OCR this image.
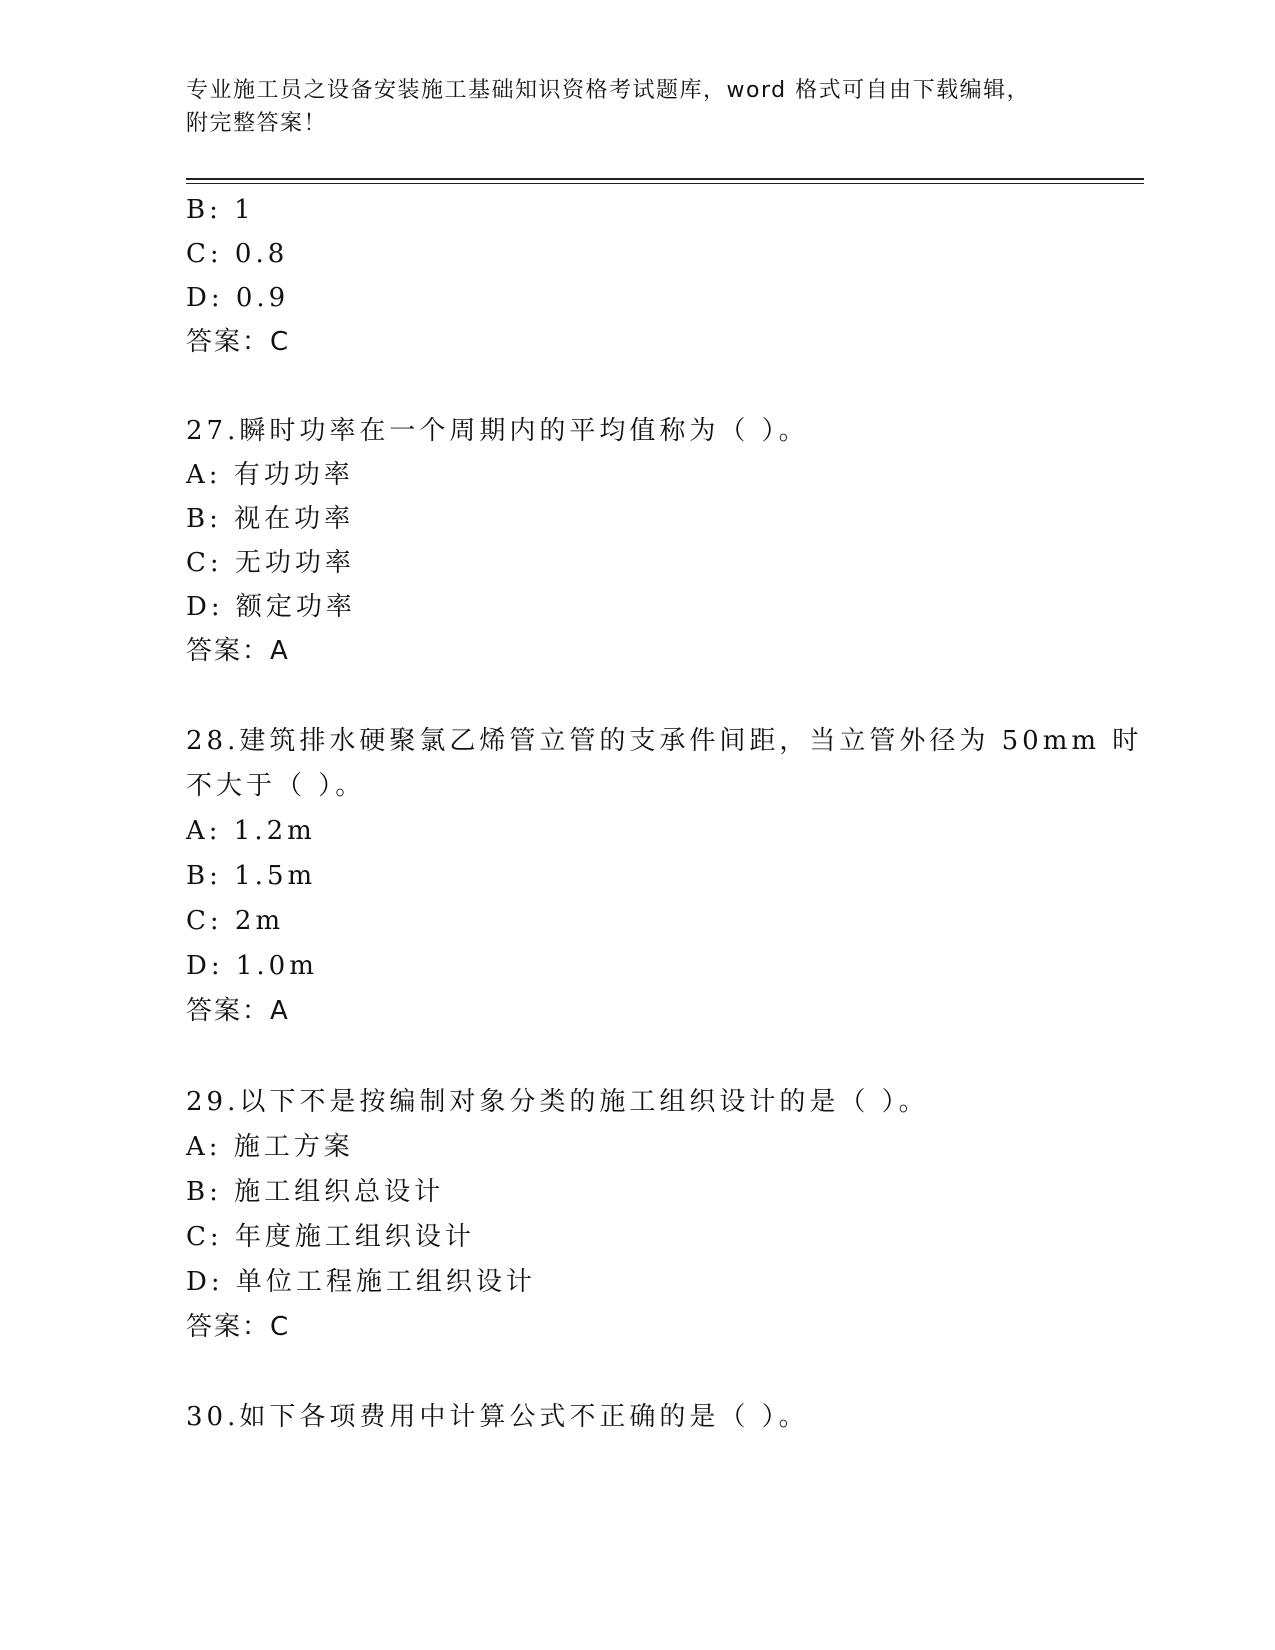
专业施工员之设备安装施工基础知识资格考试题库，word 格式可自由下载编辑，
附完整答案！
B: 1
C: 0.8
D: 0.9
答案：C
27.瞬时功率在一个周期内的平均值称为（ ）。
A: 有功功率
B: 视在功率
C: 无功功率
D: 额定功率
答案：A
28.建筑排水硬聚氯乙烯管立管的支承件间距，当立管外径为 50mm 时
不大于（ ）。
A: 1.2m
B: 1.5m
C: 2m
D: 1.0m
答案：A
29.以下不是按编制对象分类的施工组织设计的是（ ）。
A: 施工方案
B: 施工组织总设计
C: 年度施工组织设计
D: 单位工程施工组织设计
答案：C
30.如下各项费用中计算公式不正确的是（ ）。
